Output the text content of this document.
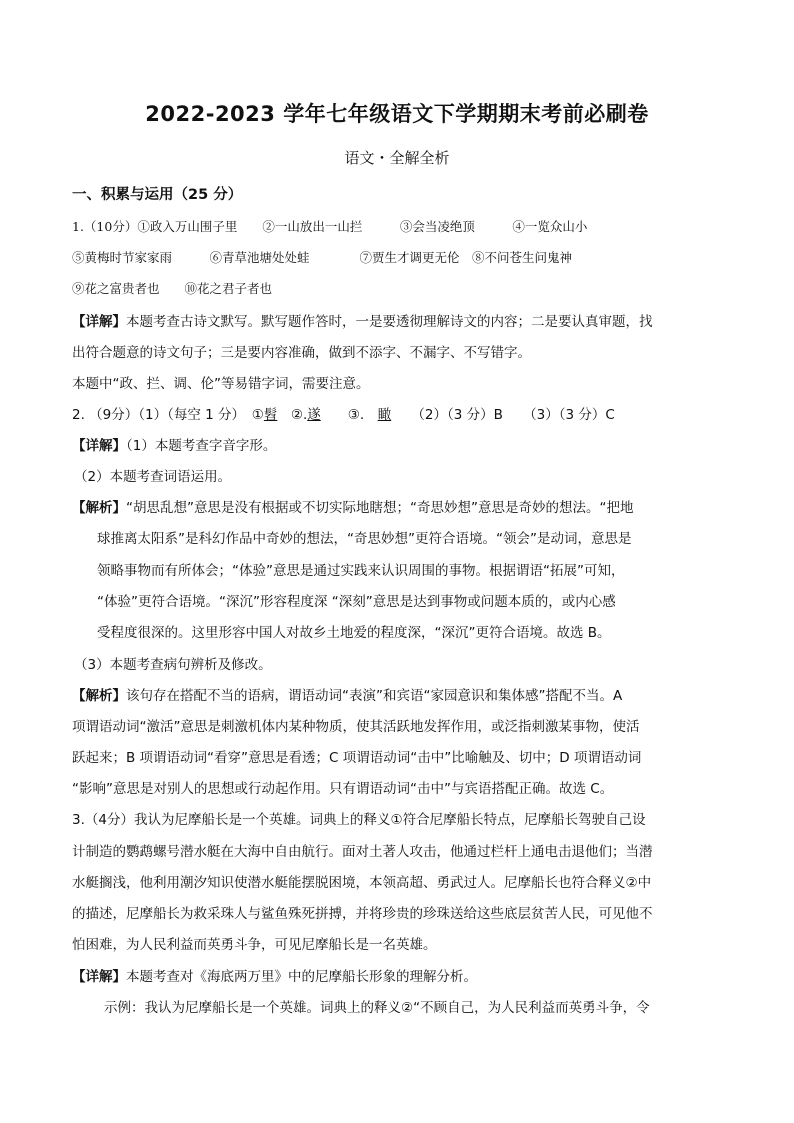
2022-2023 学年七年级语文下学期期末考前必刷卷
语文・全解全析
一、积累与运用（25 分）
1.（10分）①政入万山围子里　　②一山放出一山拦　　　③会当凌绝顶　　　④一览众山小
⑤黄梅时节家家雨　　　⑥青草池塘处处蛙　　　　⑦贾生才调更无伦　⑧不问苍生问鬼神
⑨花之富贵者也　　⑩花之君子者也
【详解】本题考查古诗文默写。默写题作答时，一是要透彻理解诗文的内容；二是要认真审题，找
出符合题意的诗文句子；三是要内容准确，做到不添字、不漏字、不写错字。
本题中“政、拦、调、伦”等易错字词，需要注意。
2. （9分）（1）（每空 1 分）　①髫　②.遂　　③.　瞰　　（2）（3 分）B　　（3）（3 分）C
【详解】（1）本题考查字音字形。
（2）本题考查词语运用。
【解析】“胡思乱想”意思是没有根据或不切实际地瞎想；“奇思妙想”意思是奇妙的想法。“把地
球推离太阳系”是科幻作品中奇妙的想法，“奇思妙想”更符合语境。“领会”是动词，意思是
领略事物而有所体会；“体验”意思是通过实践来认识周围的事物。根据谓语“拓展”可知，
“体验”更符合语境。“深沉”形容程度深 “深刻”意思是达到事物或问题本质的，或内心感
受程度很深的。这里形容中国人对故乡土地爱的程度深，“深沉”更符合语境。故选 B。
（3）本题考查病句辨析及修改。
【解析】该句存在搭配不当的语病，谓语动词“表演”和宾语“家园意识和集体感”搭配不当。A
项谓语动词“激活”意思是刺激机体内某种物质，使其活跃地发挥作用，或泛指刺激某事物，使活
跃起来；B 项谓语动词“看穿”意思是看透；C 项谓语动词“击中”比喻触及、切中；D 项谓语动词
“影响”意思是对别人的思想或行动起作用。只有谓语动词“击中”与宾语搭配正确。故选 C。
3.（4分）我认为尼摩船长是一个英雄。词典上的释义①符合尼摩船长特点，尼摩船长驾驶自己设
计制造的鹦鹉螺号潜水艇在大海中自由航行。面对土著人攻击，他通过栏杆上通电击退他们；当潜
水艇搁浅，他利用潮汐知识使潜水艇能摆脱困境，本领高超、勇武过人。尼摩船长也符合释义②中
的描述，尼摩船长为救采珠人与鲨鱼殊死拼搏，并将珍贵的珍珠送给这些底层贫苦人民，可见他不
怕困难，为人民利益而英勇斗争，可见尼摩船长是一名英雄。
【详解】本题考查对《海底两万里》中的尼摩船长形象的理解分析。
示例：我认为尼摩船长是一个英雄。词典上的释义②“不顾自己，为人民利益而英勇斗争，令
